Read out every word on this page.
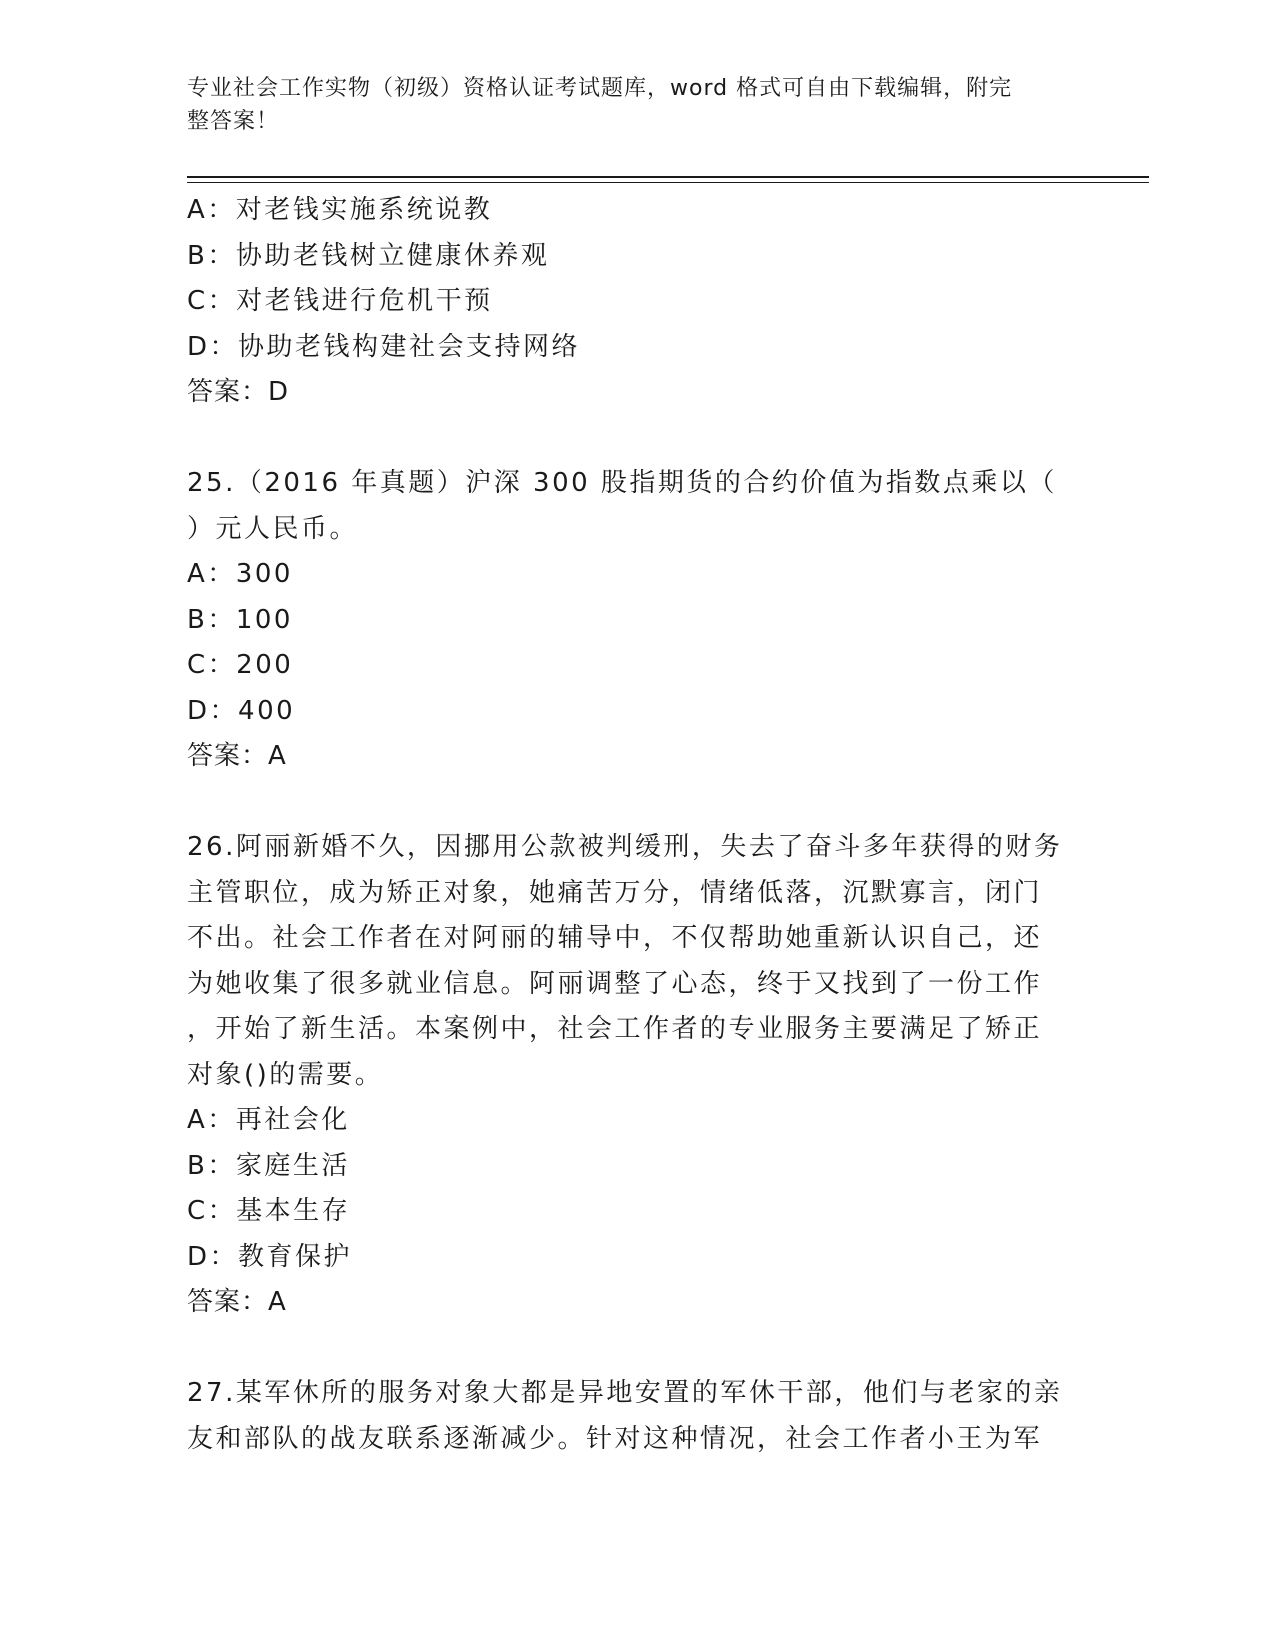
专业社会工作实物（初级）资格认证考试题库，word 格式可自由下载编辑，附完
整答案！
A：对老钱实施系统说教
B：协助老钱树立健康休养观
C：对老钱进行危机干预
D：协助老钱构建社会支持网络
答案：D
25.（2016 年真题）沪深 300 股指期货的合约价值为指数点乘以（
）元人民币。
A：300
B：100
C：200
D：400
答案：A
26.阿丽新婚不久，因挪用公款被判缓刑，失去了奋斗多年获得的财务
主管职位，成为矫正对象，她痛苦万分，情绪低落，沉默寡言，闭门
不出。社会工作者在对阿丽的辅导中，不仅帮助她重新认识自己，还
为她收集了很多就业信息。阿丽调整了心态，终于又找到了一份工作
，开始了新生活。本案例中，社会工作者的专业服务主要满足了矫正
对象()的需要。
A：再社会化
B：家庭生活
C：基本生存
D：教育保护
答案：A
27.某军休所的服务对象大都是异地安置的军休干部，他们与老家的亲
友和部队的战友联系逐渐减少。针对这种情况，社会工作者小王为军
